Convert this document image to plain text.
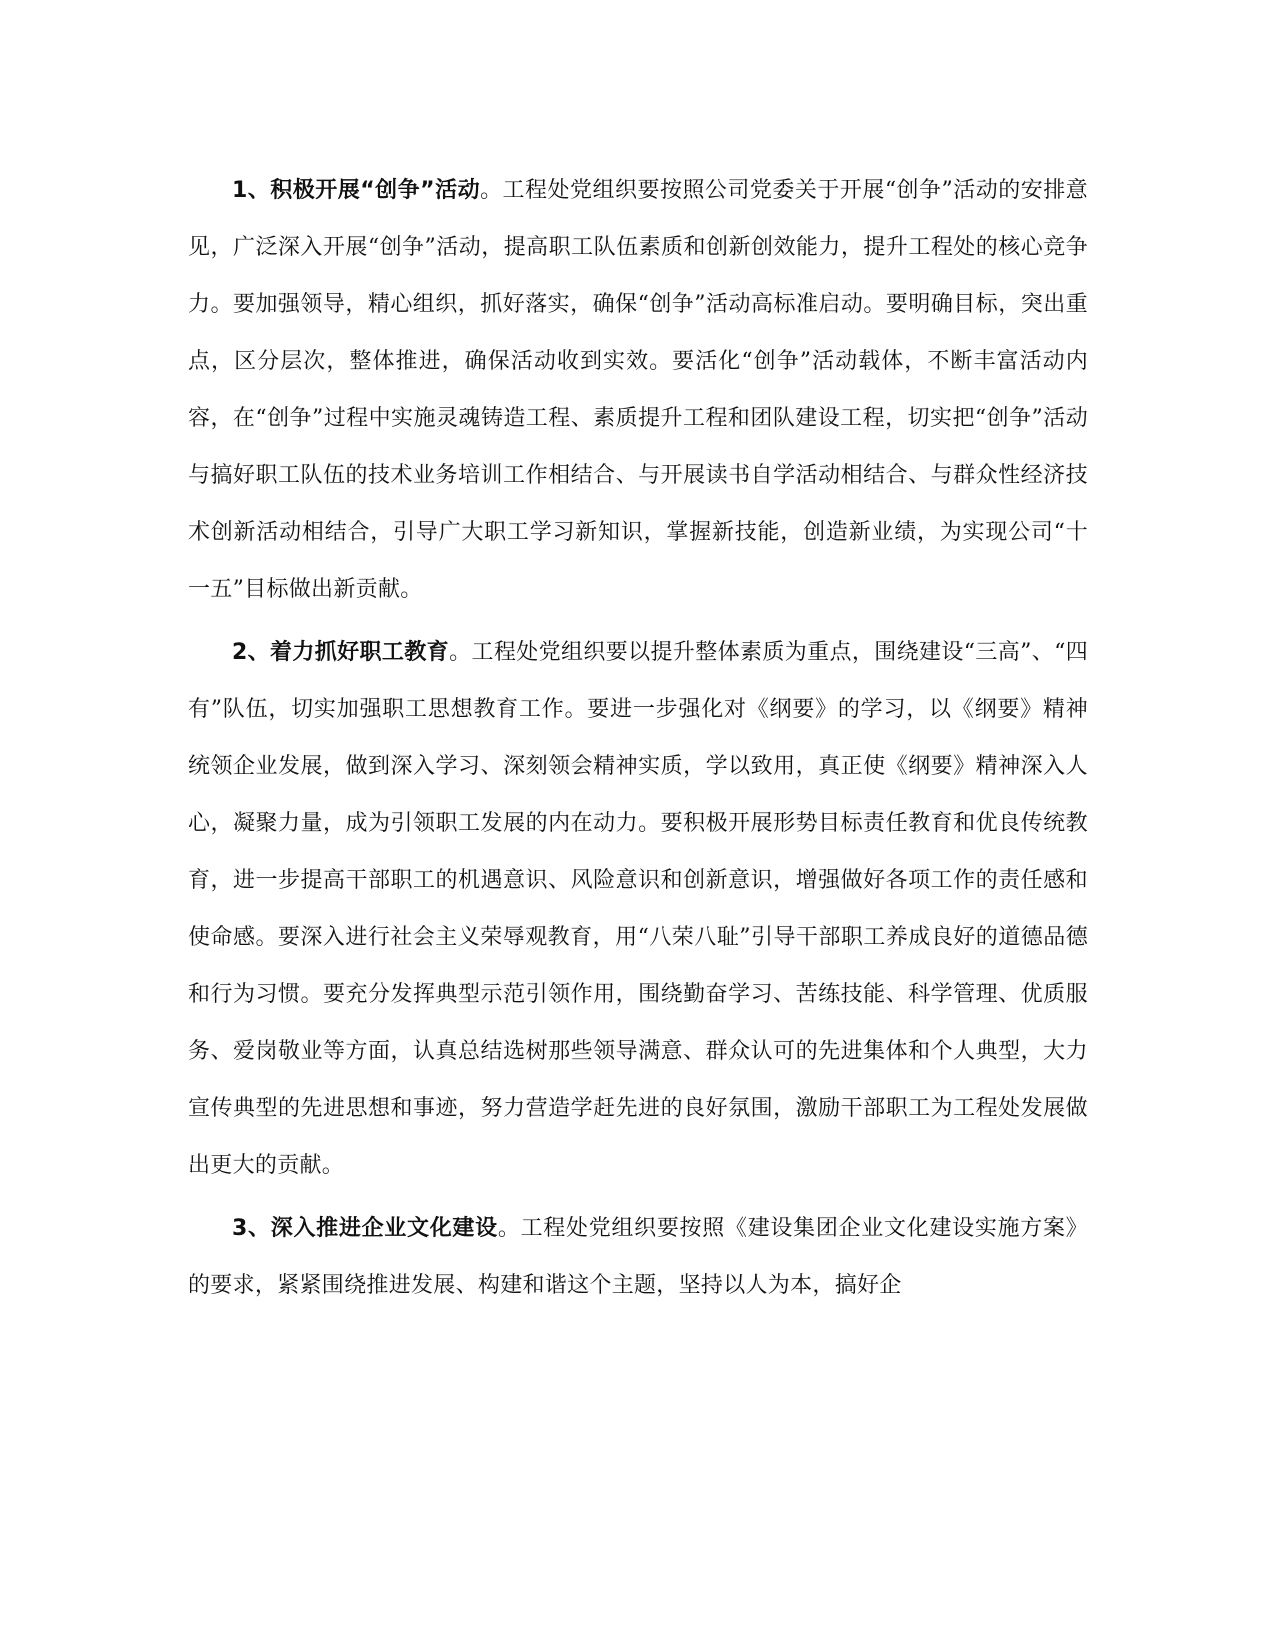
1、积极开展“创争”活动。工程处党组织要按照公司党委关于开展“创争”活动的安排意见，广泛深入开展“创争”活动，提高职工队伍素质和创新创效能力，提升工程处的核心竞争力。要加强领导，精心组织，抓好落实，确保“创争”活动高标准启动。要明确目标，突出重点，区分层次，整体推进，确保活动收到实效。要活化“创争”活动载体，不断丰富活动内容，在“创争”过程中实施灵魂铸造工程、素质提升工程和团队建设工程，切实把“创争”活动与搞好职工队伍的技术业务培训工作相结合、与开展读书自学活动相结合、与群众性经济技术创新活动相结合，引导广大职工学习新知识，掌握新技能，创造新业绩，为实现公司“十一五”目标做出新贡献。

2、着力抓好职工教育。工程处党组织要以提升整体素质为重点，围绕建设“三高”、“四有”队伍，切实加强职工思想教育工作。要进一步强化对《纲要》的学习，以《纲要》精神统领企业发展，做到深入学习、深刻领会精神实质，学以致用，真正使《纲要》精神深入人心，凝聚力量，成为引领职工发展的内在动力。要积极开展形势目标责任教育和优良传统教育，进一步提高干部职工的机遇意识、风险意识和创新意识，增强做好各项工作的责任感和使命感。要深入进行社会主义荣辱观教育，用“八荣八耻”引导干部职工养成良好的道德品德和行为习惯。要充分发挥典型示范引领作用，围绕勤奋学习、苦练技能、科学管理、优质服务、爱岗敬业等方面，认真总结选树那些领导满意、群众认可的先进集体和个人典型，大力宣传典型的先进思想和事迹，努力营造学赶先进的良好氛围，激励干部职工为工程处发展做出更大的贡献。

3、深入推进企业文化建设。工程处党组织要按照《建设集团企业文化建设实施方案》的要求，紧紧围绕推进发展、构建和谐这个主题，坚持以人为本，搞好企
